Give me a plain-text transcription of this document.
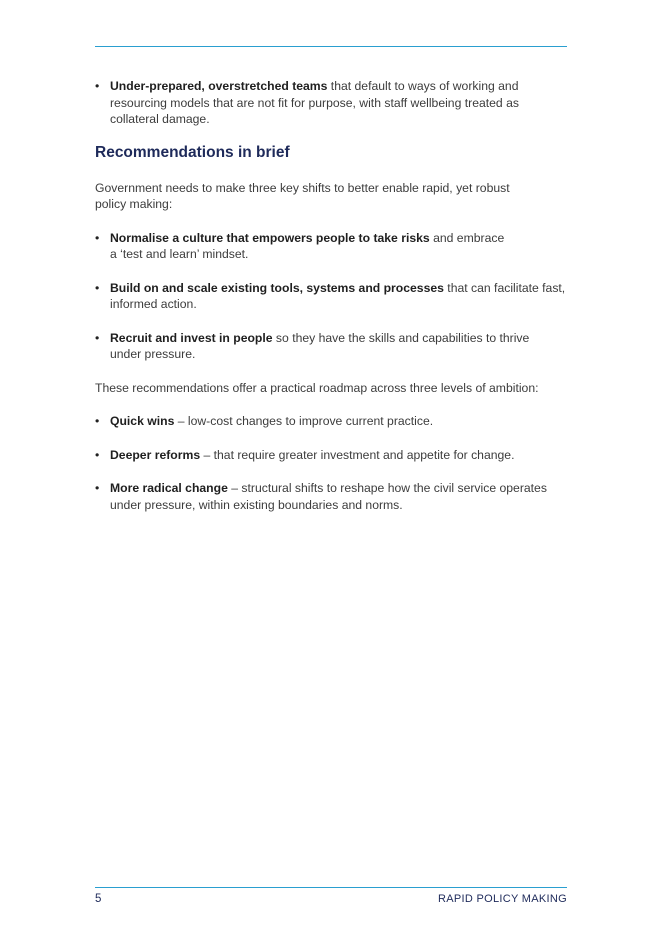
• Under-prepared, overstretched teams that default to ways of working and resourcing models that are not fit for purpose, with staff wellbeing treated as collateral damage.

Recommendations in brief

Government needs to make three key shifts to better enable rapid, yet robust policy making:

• Normalise a culture that empowers people to take risks and embrace a ‘test and learn’ mindset.

• Build on and scale existing tools, systems and processes that can facilitate fast, informed action.

• Recruit and invest in people so they have the skills and capabilities to thrive under pressure.

These recommendations offer a practical roadmap across three levels of ambition:

• Quick wins – low-cost changes to improve current practice.

• Deeper reforms – that require greater investment and appetite for change.

• More radical change – structural shifts to reshape how the civil service operates under pressure, within existing boundaries and norms.

5	RAPID POLICY MAKING
